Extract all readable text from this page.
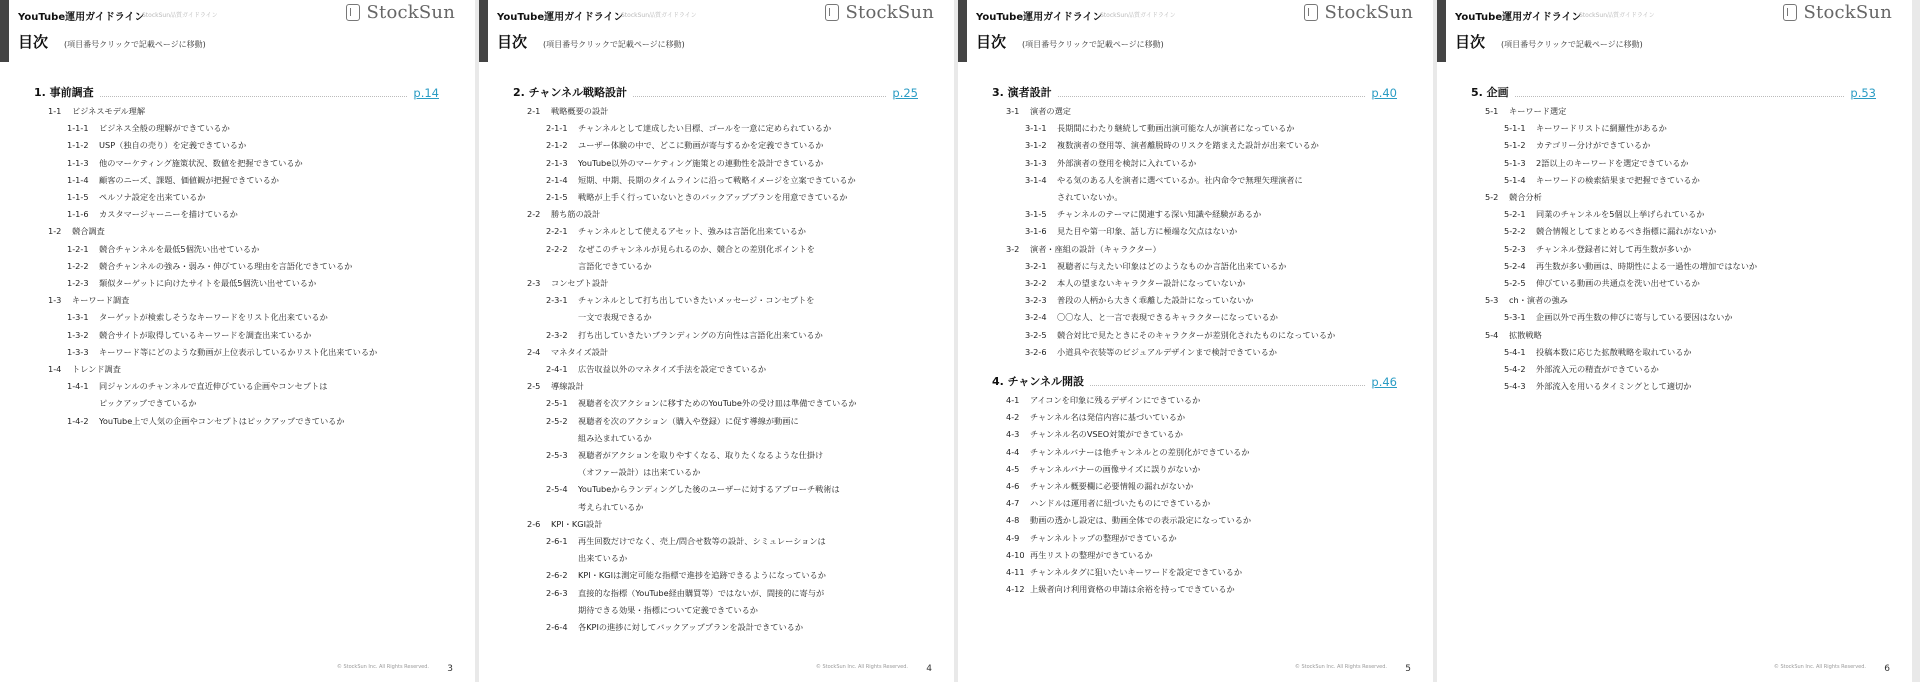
YouTube運用ガイドライン
StockSun品質ガイドライン	StockSun
目次 (項目番号クリックで記載ページに移動)
1. 事前調査	p.14
1-1	ビジネスモデル理解
1-1-1	ビジネス全般の理解ができているか
1-1-2	USP（独自の売り）を定義できているか
1-1-3	他のマーケティング施策状況、数値を把握できているか
1-1-4	顧客のニーズ、課題、価値観が把握できているか
1-1-5	ペルソナ設定を出来ているか
1-1-6	カスタマージャーニーを描けているか
1-2	競合調査
1-2-1	競合チャンネルを最低5個洗い出せているか
1-2-2	競合チャンネルの強み・弱み・伸びている理由を言語化できているか
1-2-3	類似ターゲットに向けたサイトを最低5個洗い出せているか
1-3	キーワード調査
1-3-1	ターゲットが検索しそうなキーワードをリスト化出来ているか
1-3-2	競合サイトが取得しているキーワードを調査出来ているか
1-3-3	キーワード等にどのような動画が上位表示しているかリスト化出来ているか
1-4	トレンド調査
1-4-1	同ジャンルのチャンネルで直近伸びている企画やコンセプトは
ピックアップできているか
1-4-2	YouTube上で人気の企画やコンセプトはピックアップできているか
© StockSun Inc. All Rights Reserved. 3
YouTube運用ガイドライン
StockSun品質ガイドライン	StockSun
目次 (項目番号クリックで記載ページに移動)
2. チャンネル戦略設計	p.25
2-1	戦略概要の設計
2-1-1	チャンネルとして達成したい目標、ゴールを一意に定められているか
2-1-2	ユーザー体験の中で、どこに動画が寄与するかを定義できているか
2-1-3	YouTube以外のマーケティング施策との連動性を設計できているか
2-1-4	短期、中期、長期のタイムラインに沿って戦略イメージを立案できているか
2-1-5	戦略が上手く行っていないときのバックアッププランを用意できているか
2-2	勝ち筋の設計
2-2-1	チャンネルとして使えるアセット、強みは言語化出来ているか
2-2-2	なぜこのチャンネルが見られるのか、競合との差別化ポイントを
言語化できているか
2-3	コンセプト設計
2-3-1	チャンネルとして打ち出していきたいメッセージ・コンセプトを
一文で表現できるか
2-3-2	打ち出していきたいブランディングの方向性は言語化出来ているか
2-4	マネタイズ設計
2-4-1	広告収益以外のマネタイズ手法を設定できているか
2-5	導線設計
2-5-1	視聴者を次アクションに移すためのYouTube外の受け皿は準備できているか
2-5-2	視聴者を次のアクション（購入や登録）に促す導線が動画に
組み込まれているか
2-5-3	視聴者がアクションを取りやすくなる、取りたくなるような仕掛け
（オファー設計）は出来ているか
2-5-4	YouTubeからランディングした後のユーザーに対するアプローチ戦術は
考えられているか
2-6	KPI・KGI設計
2-6-1	再生回数だけでなく、売上/問合せ数等の設計、シミュレーションは
出来ているか
2-6-2	KPI・KGIは測定可能な指標で進捗を追跡できるようになっているか
2-6-3	直接的な指標（YouTube経由購買等）ではないが、間接的に寄与が
期待できる効果・指標について定義できているか
2-6-4	各KPIの進捗に対してバックアッププランを設計できているか
© StockSun Inc. All Rights Reserved. 4
YouTube運用ガイドライン
StockSun品質ガイドライン	StockSun
目次 (項目番号クリックで記載ページに移動)
3. 演者設計	p.40
3-1	演者の選定
3-1-1	長期間にわたり継続して動画出演可能な人が演者になっているか
3-1-2	複数演者の登用等、演者離脱時のリスクを踏まえた設計が出来ているか
3-1-3	外部演者の登用を検討に入れているか
3-1-4	やる気のある人を演者に選べているか。社内命令で無理矢理演者に
されていないか。
3-1-5	チャンネルのテーマに関連する深い知識や経験があるか
3-1-6	見た目や第一印象、話し方に極端な欠点はないか
3-2	演者・座組の設計（キャラクター）
3-2-1	視聴者に与えたい印象はどのようなものか言語化出来ているか
3-2-2	本人の望まないキャラクター設計になっていないか
3-2-3	普段の人柄から大きく乖離した設計になっていないか
3-2-4	〇〇な人、と一言で表現できるキャラクターになっているか
3-2-5	競合対比で見たときにそのキャラクターが差別化されたものになっているか
3-2-6	小道具や衣装等のビジュアルデザインまで検討できているか
4. チャンネル開設	p.46
4-1	アイコンを印象に残るデザインにできているか
4-2	チャンネル名は発信内容に基づいているか
4-3	チャンネル名のVSEO対策ができているか
4-4	チャンネルバナーは他チャンネルとの差別化ができているか
4-5	チャンネルバナーの画像サイズに誤りがないか
4-6	チャンネル概要欄に必要情報の漏れがないか
4-7	ハンドルは運用者に紐づいたものにできているか
4-8	動画の透かし設定は、動画全体での表示設定になっているか
4-9	チャンネルトップの整理ができているか
4-10 再生リストの整理ができているか
4-11 チャンネルタグに狙いたいキーワードを設定できているか
4-12 上級者向け利用資格の申請は余裕を持ってできているか
© StockSun Inc. All Rights Reserved. 5
YouTube運用ガイドライン
StockSun品質ガイドライン	StockSun
目次 (項目番号クリックで記載ページに移動)
5. 企画	p.53
5-1	キーワード選定
5-1-1	キーワードリストに網羅性があるか
5-1-2	カテゴリー分けができているか
5-1-3	2語以上のキーワードを選定できているか
5-1-4	キーワードの検索結果まで把握できているか
5-2	競合分析
5-2-1	同業のチャンネルを5個以上挙げられているか
5-2-2	競合情報としてまとめるべき指標に漏れがないか
5-2-3	チャンネル登録者に対して再生数が多いか
5-2-4	再生数が多い動画は、時期性による一過性の増加ではないか
5-2-5	伸びている動画の共通点を洗い出せているか
5-3	ch・演者の強み
5-3-1	企画以外で再生数の伸びに寄与している要因はないか
5-4	拡散戦略
5-4-1	投稿本数に応じた拡散戦略を取れているか
5-4-2	外部流入元の精査ができているか
5-4-3	外部流入を用いるタイミングとして適切か
© StockSun Inc. All Rights Reserved. 6
